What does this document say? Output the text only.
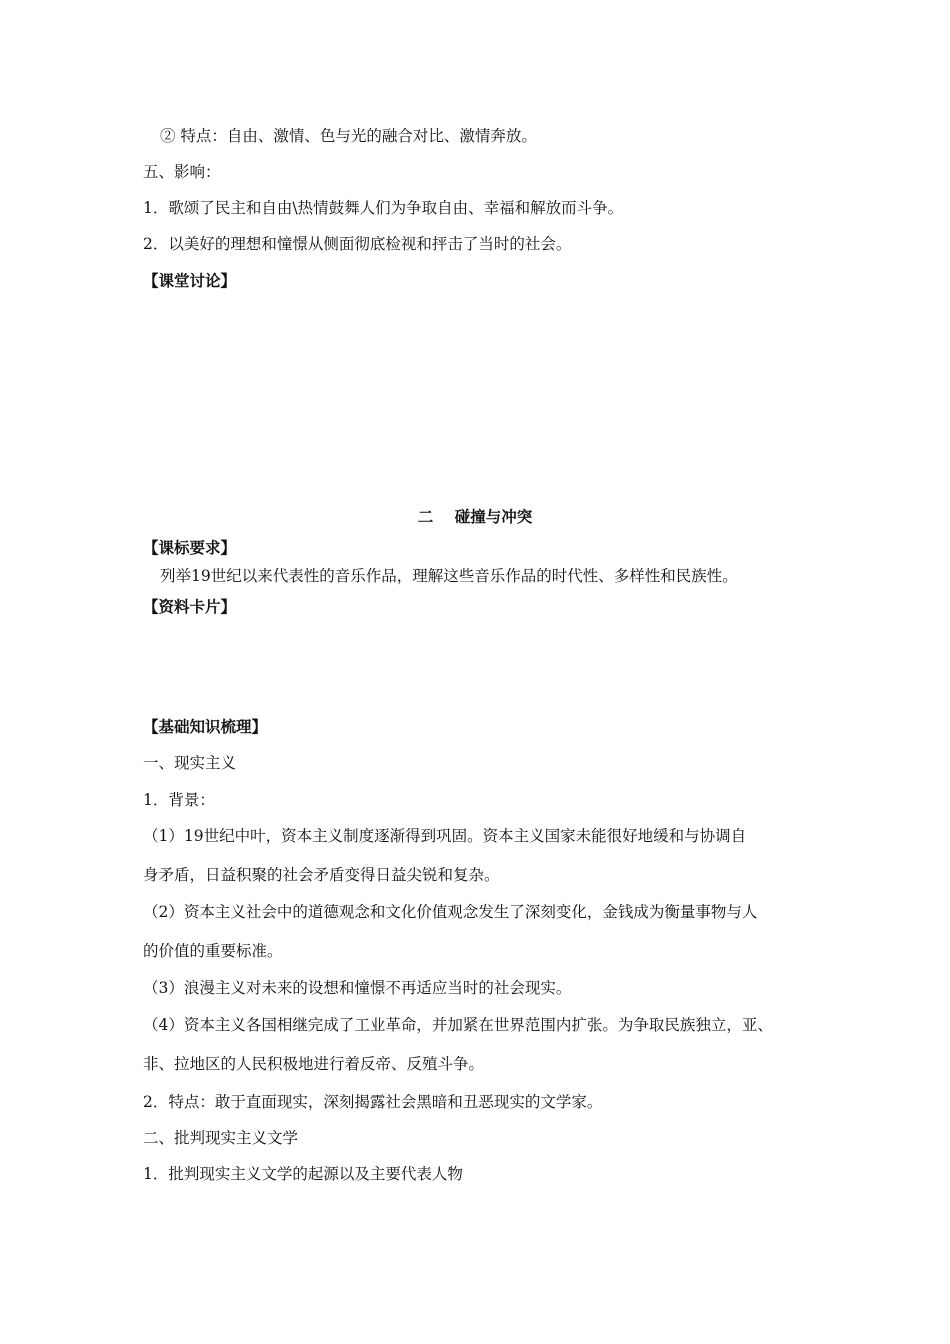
② 特点：自由、激情、色与光的融合对比、激情奔放。
五、影响：
1．歌颂了民主和自由\热情鼓舞人们为争取自由、幸福和解放而斗争。
2．以美好的理想和憧憬从侧面彻底检视和抨击了当时的社会。
【课堂讨论】
二    碰撞与冲突
【课标要求】
列举19世纪以来代表性的音乐作品，理解这些音乐作品的时代性、多样性和民族性。
【资料卡片】
【基础知识梳理】
一、现实主义
1．背景：
（1）19世纪中叶，资本主义制度逐渐得到巩固。资本主义国家未能很好地缓和与协调自
身矛盾，日益积聚的社会矛盾变得日益尖锐和复杂。
（2）资本主义社会中的道德观念和文化价值观念发生了深刻变化，金钱成为衡量事物与人
的价值的重要标准。
（3）浪漫主义对未来的设想和憧憬不再适应当时的社会现实。
（4）资本主义各国相继完成了工业革命，并加紧在世界范围内扩张。为争取民族独立，亚、
非、拉地区的人民积极地进行着反帝、反殖斗争。
2．特点：敢于直面现实，深刻揭露社会黑暗和丑恶现实的文学家。
二、批判现实主义文学
1．批判现实主义文学的起源以及主要代表人物
